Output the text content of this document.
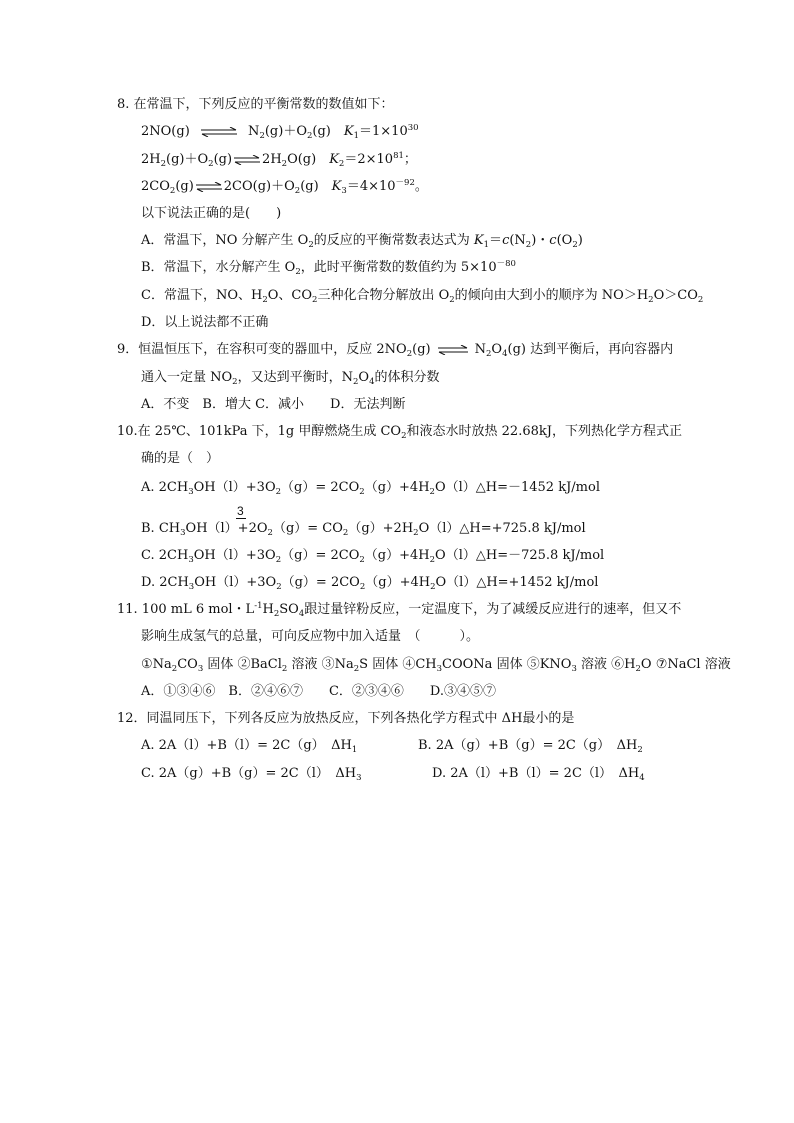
8. 在常温下，下列反应的平衡常数的数值如下：
2NO(g) ⇌ $N_2(g)+O_2(g)$　$K_1=1\times 10^{30}$
$2H_2(g)+O_2(g)\rightleftharpoons 2H_2O(g)$　$K_2=2\times 10^{81}$；
$2CO_2(g)\rightleftharpoons 2CO(g)+O_2(g)$　$K_3=4\times 10^{-92}$。
以下说法正确的是(　　)
A．常温下，NO 分解产生 $O_2$的反应的平衡常数表达式为 $K_1=c(N_2)$・$c(O_2)$
B．常温下，水分解产生 $O_2$，此时平衡常数的数值约为 $5\times 10^{-80}$
C．常温下，NO、$H_2O$、$CO_2$三种化合物分解放出 $O_2$的倾向由大到小的顺序为 $NO>H_2O>CO_2$
D．以上说法都不正确
9．恒温恒压下，在容积可变的器皿中，反应 $2NO_2(g)$ ⇌ $N_2O_4(g)$ 达到平衡后，再向容器内
通入一定量 $NO_2$，又达到平衡时，$N_2O_4$的体积分数
A．不变　B．增大 C．减小　　D．无法判断
10.在 25℃、101kPa 下，1g 甲醇燃烧生成 $CO_2$和液态水时放热 22.68kJ，下列热化学方程式正
确的是（　）
A. $2CH_3OH(l)+3O_2(g)=$ $2CO_2(g)+4H_2O(l)\triangle H=-1452$ kJ/mol
3
B. $CH_3OH(l)+2O_2(g)=$ $CO_2(g)+2H_2O(l)\triangle H=+725.8$ kJ/mol
C. $2CH_3OH(l)+3O_2(g)=$ $2CO_2(g)+4H_2O(l)\triangle H=-725.8$ kJ/mol
D. $2CH_3OH(l)+3O_2(g)=$ $2CO_2(g)+4H_2O(l)\triangle H=+1452$ kJ/mol
11. 100 mL 6 mol・$L^{-1}H_2SO_4$跟过量锌粉反应，一定温度下，为了减缓反应进行的速率，但又不
影响生成氢气的总量，可向反应物中加入适量　（　　　）。
$①Na_2CO_3$ 固体 ②BaCl$_2$ 溶液 $③Na_2S$ 固体 $④CH_3COONa$ 固体 $⑤KNO_3$ 溶液 $⑥H_2O$ ⑦NaCl 溶液
A．①③④⑥　B．②④⑥⑦　　C．②③④⑥　　D.③④⑤⑦
12．同温同压下，下列各反应为放热反应，下列各热化学方程式中 ΔH最小的是
A. 2A（l）+B（l）= 2C（g）　$\Delta H_1$	B. 2A（g）+B（g）= 2C（g）　$\Delta H_2$
C. 2A（g）+B（g）= 2C（l）　$\Delta H_3$	D. 2A（l）+B（l）= 2C（l）　$\Delta H_4$
